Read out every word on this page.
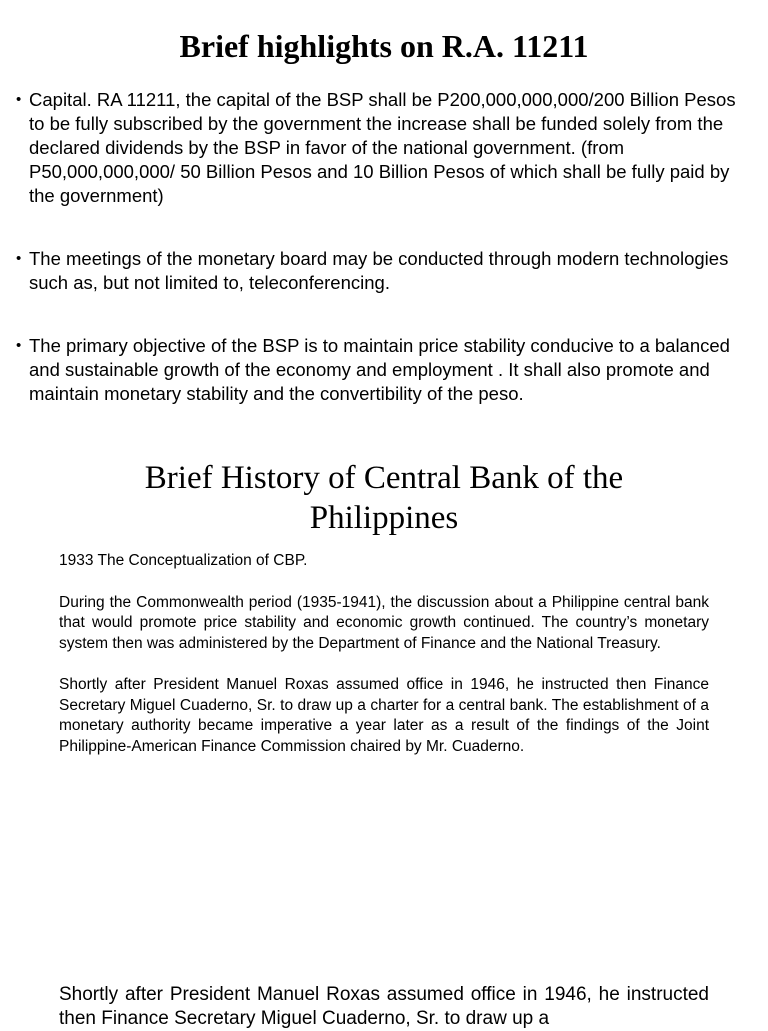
Brief highlights on R.A. 11211
• Capital. RA 11211, the capital of the BSP shall be P200,000,000,000/200 Billion Pesos to be fully subscribed by the government the increase shall be funded solely from the declared dividends by the BSP in favor of the national government. (from P50,000,000,000/ 50 Billion Pesos and 10 Billion Pesos of which shall be fully paid by the government)
• The meetings of the monetary board may be conducted through modern technologies such as, but not limited to, teleconferencing.
• The primary objective of the BSP is to maintain price stability conducive to a balanced and sustainable growth of the economy and employment . It shall also promote and maintain monetary stability and the convertibility of the peso.
Brief History of Central Bank of the Philippines

1933 The Conceptualization of CBP.

During the Commonwealth period (1935-1941), the discussion about a Philippine central bank that would promote price stability and economic growth continued. The country’s monetary system then was administered by the Department of Finance and the National Treasury.

Shortly after President Manuel Roxas assumed office in 1946, he instructed then Finance Secretary Miguel Cuaderno, Sr. to draw up a charter for a central bank. The establishment of a monetary authority became imperative a year later as a result of the findings of the Joint Philippine-American Finance Commission chaired by Mr. Cuaderno.

Shortly after President Manuel Roxas assumed office in 1946, he instructed then Finance Secretary Miguel Cuaderno, Sr. to draw up a
